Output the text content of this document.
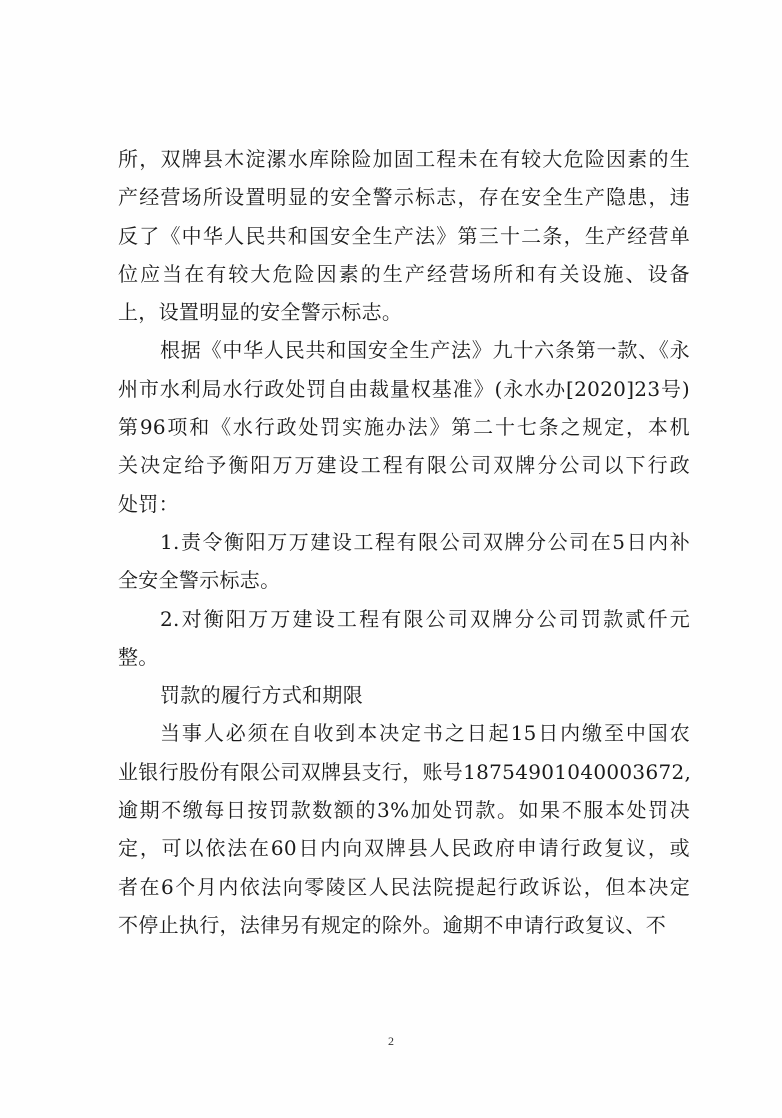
所，双牌县木淀漯水库除险加固工程未在有较大危险因素的生
产经营场所设置明显的安全警示标志，存在安全生产隐患，违
反了《中华人民共和国安全生产法》第三十二条，生产经营单
位应当在有较大危险因素的生产经营场所和有关设施、设备
上，设置明显的安全警示标志。

根据《中华人民共和国安全生产法》九十六条第一款、《永
州市水利局水行政处罚自由裁量权基准》(永水办[2020]23号)
第96项和《水行政处罚实施办法》第二十七条之规定，本机
关决定给予衡阳万万建设工程有限公司双牌分公司以下行政
处罚：

1.责令衡阳万万建设工程有限公司双牌分公司在5日内补
全安全警示标志。

2.对衡阳万万建设工程有限公司双牌分公司罚款贰仟元
整。

罚款的履行方式和期限

当事人必须在自收到本决定书之日起15日内缴至中国农
业银行股份有限公司双牌县支行，账号18754901040003672,
逾期不缴每日按罚款数额的3%加处罚款。如果不服本处罚决
定，可以依法在60日内向双牌县人民政府申请行政复议，或
者在6个月内依法向零陵区人民法院提起行政诉讼，但本决定
不停止执行，法律另有规定的除外。逾期不申请行政复议、不

2
